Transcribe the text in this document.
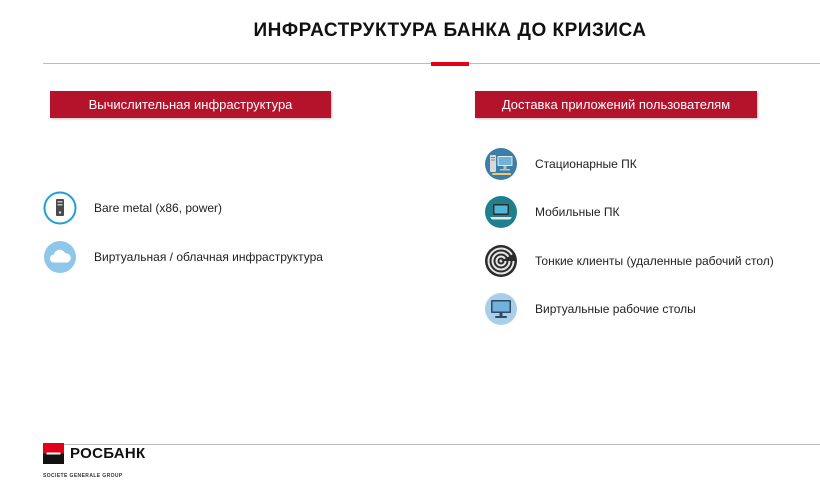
ИНФРАСТРУКТУРА БАНКА ДО КРИЗИСА
Вычислительная инфраструктура
Bare metal (x86, power)
Виртуальная / облачная инфраструктура
Доставка приложений пользователям
Стационарные ПК
Мобильные ПК
Тонкие клиенты (удаленные рабочий стол)
Виртуальные рабочие столы
РОСБАНК
SOCIETE GENERALE GROUP
